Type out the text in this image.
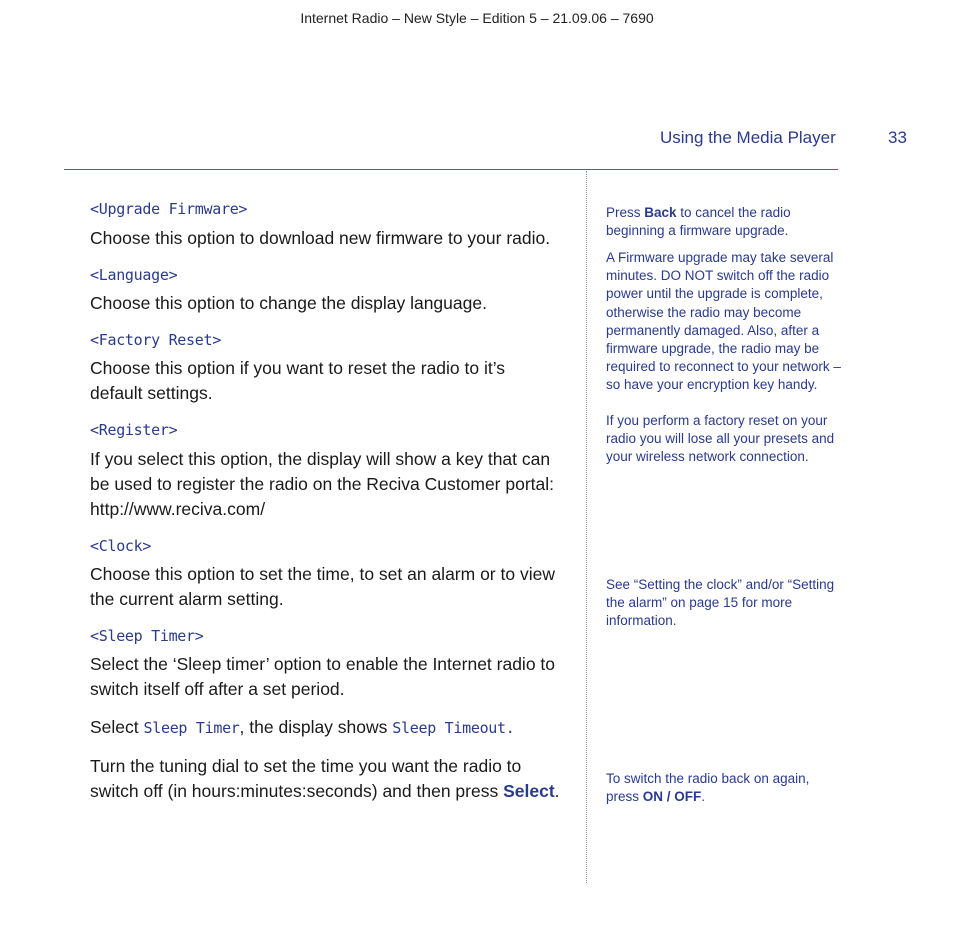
Internet Radio – New Style – Edition 5 – 21.09.06 – 7690
Using the Media Player	33
<Upgrade Firmware>

Choose this option to download new firmware to your radio.

<Language>

Choose this option to change the display language.

<Factory Reset>

Choose this option if you want to reset the radio to it’s default settings.

<Register>

If you select this option, the display will show a key that can be used to register the radio on the Reciva Customer portal: http://www.reciva.com/

<Clock>

Choose this option to set the time, to set an alarm or to view the current alarm setting.

<Sleep Timer>

Select the ‘Sleep timer’ option to enable the Internet radio to switch itself off after a set period.

Select Sleep Timer, the display shows Sleep Timeout.

Turn the tuning dial to set the time you want the radio to switch off (in hours:minutes:seconds) and then press Select.

Press Back to cancel the radio beginning a firmware upgrade.

A Firmware upgrade may take several minutes. DO NOT switch off the radio power until the upgrade is complete, otherwise the radio may become permanently damaged. Also, after a firmware upgrade, the radio may be required to reconnect to your network – so have your encryption key handy.

If you perform a factory reset on your radio you will lose all your presets and your wireless network connection.

See “Setting the clock” and/or “Setting the alarm” on page 15 for more information.

To switch the radio back on again, press ON / OFF.
